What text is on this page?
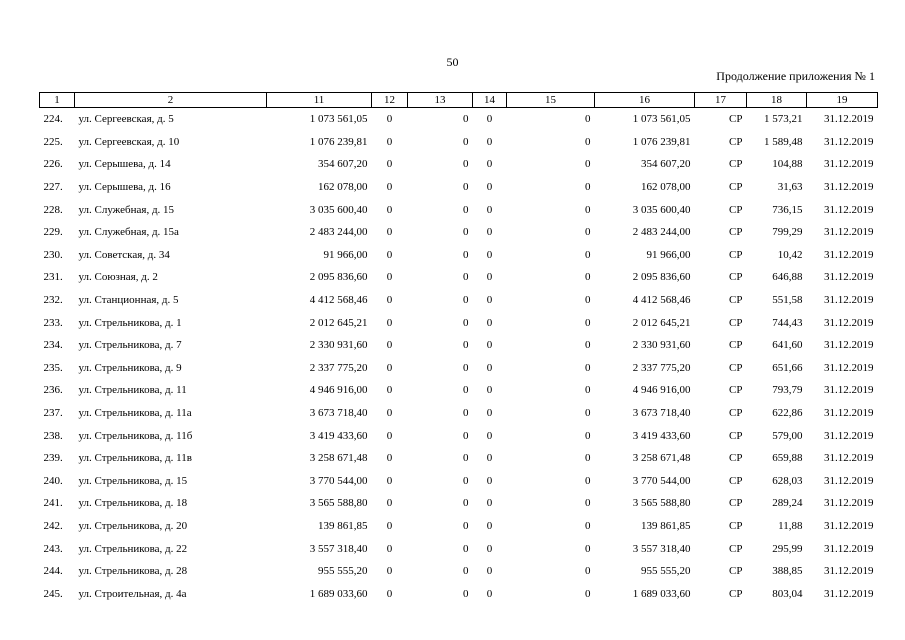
50
Продолжение приложения № 1
1	2	11	12	13	14	15	16	17	18	19
224.	ул. Сергеевская, д. 5	1 073 561,05	0	0	0	0	1 073 561,05	СР	1 573,21	31.12.2019
225.	ул. Сергеевская, д. 10	1 076 239,81	0	0	0	0	1 076 239,81	СР	1 589,48	31.12.2019
226.	ул. Серышева, д. 14	354 607,20	0	0	0	0	354 607,20	СР	104,88	31.12.2019
227.	ул. Серышева, д. 16	162 078,00	0	0	0	0	162 078,00	СР	31,63	31.12.2019
228.	ул. Служебная, д. 15	3 035 600,40	0	0	0	0	3 035 600,40	СР	736,15	31.12.2019
229.	ул. Служебная, д. 15а	2 483 244,00	0	0	0	0	2 483 244,00	СР	799,29	31.12.2019
230.	ул. Советская, д. 34	91 966,00	0	0	0	0	91 966,00	СР	10,42	31.12.2019
231.	ул. Союзная, д. 2	2 095 836,60	0	0	0	0	2 095 836,60	СР	646,88	31.12.2019
232.	ул. Станционная, д. 5	4 412 568,46	0	0	0	0	4 412 568,46	СР	551,58	31.12.2019
233.	ул. Стрельникова, д. 1	2 012 645,21	0	0	0	0	2 012 645,21	СР	744,43	31.12.2019
234.	ул. Стрельникова, д. 7	2 330 931,60	0	0	0	0	2 330 931,60	СР	641,60	31.12.2019
235.	ул. Стрельникова, д. 9	2 337 775,20	0	0	0	0	2 337 775,20	СР	651,66	31.12.2019
236.	ул. Стрельникова, д. 11	4 946 916,00	0	0	0	0	4 946 916,00	СР	793,79	31.12.2019
237.	ул. Стрельникова, д. 11а	3 673 718,40	0	0	0	0	3 673 718,40	СР	622,86	31.12.2019
238.	ул. Стрельникова, д. 11б	3 419 433,60	0	0	0	0	3 419 433,60	СР	579,00	31.12.2019
239.	ул. Стрельникова, д. 11в	3 258 671,48	0	0	0	0	3 258 671,48	СР	659,88	31.12.2019
240.	ул. Стрельникова, д. 15	3 770 544,00	0	0	0	0	3 770 544,00	СР	628,03	31.12.2019
241.	ул. Стрельникова, д. 18	3 565 588,80	0	0	0	0	3 565 588,80	СР	289,24	31.12.2019
242.	ул. Стрельникова, д. 20	139 861,85	0	0	0	0	139 861,85	СР	11,88	31.12.2019
243.	ул. Стрельникова, д. 22	3 557 318,40	0	0	0	0	3 557 318,40	СР	295,99	31.12.2019
244.	ул. Стрельникова, д. 28	955 555,20	0	0	0	0	955 555,20	СР	388,85	31.12.2019
245.	ул. Строительная, д. 4а	1 689 033,60	0	0	0	0	1 689 033,60	СР	803,04	31.12.2019
